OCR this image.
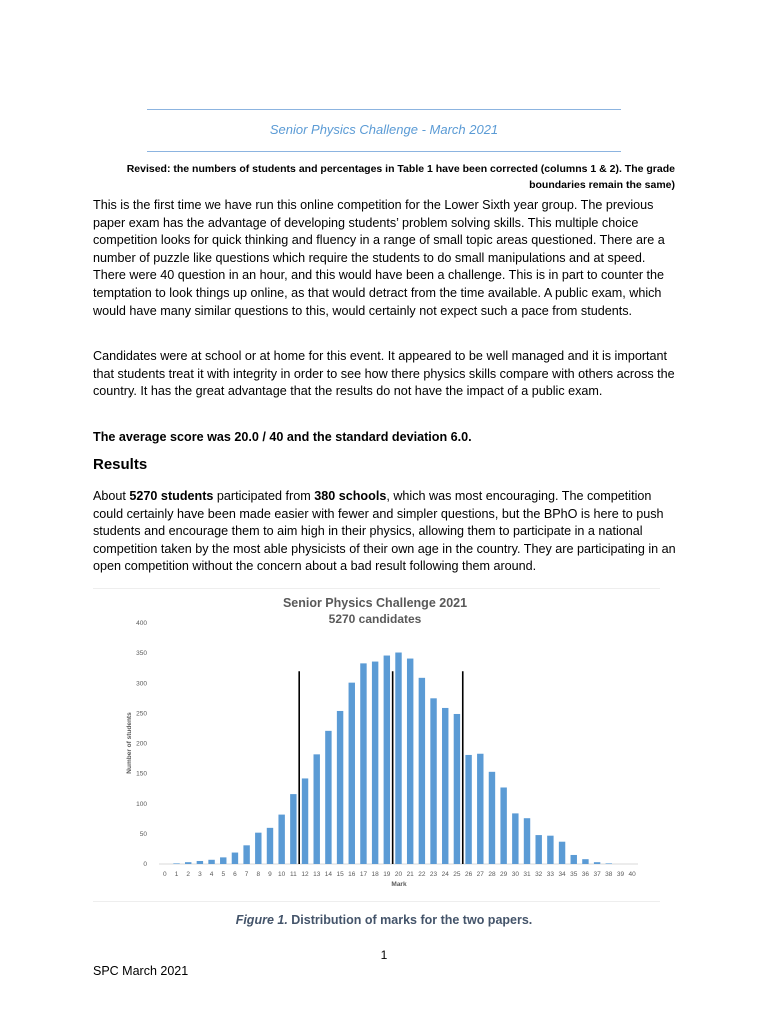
Senior Physics Challenge - March 2021
Revised: the numbers of students and percentages in Table 1 have been corrected (columns 1 & 2). The grade boundaries remain the same)

This is the first time we have run this online competition for the Lower Sixth year group. The previous paper exam has the advantage of developing students’ problem solving skills. This multiple choice competition looks for quick thinking and fluency in a range of small topic areas questioned. There are a number of puzzle like questions which require the students to do small manipulations and at speed. There were 40 question in an hour, and this would have been a challenge. This is in part to counter the temptation to look things up online, as that would detract from the time available. A public exam, which would have many similar questions to this, would certainly not expect such a pace from students.

Candidates were at school or at home for this event. It appeared to be well managed and it is important that students treat it with integrity in order to see how there physics skills compare with others across the country. It has the great advantage that the results do not have the impact of a public exam.

The average score was 20.0 / 40 and the standard deviation 6.0.

Results

About 5270 students participated from 380 schools, which was most encouraging. The competition could certainly have been made easier with fewer and simpler questions, but the BPhO is here to push students and encourage them to aim high in their physics, allowing them to participate in a national competition taken by the most able physicists of their own age in the country. They are participating in an open competition without the concern about a bad result following them around.

Senior Physics Challenge 2021
5270 candidates
Number of students
Mark
0
50
100
150
200
250
300
350
400
0 1 2 3 4 5 6 7 8 9 10 11 12 13 14 15 16 17 18 19 20 21 22 23 24 25 26 27 28 29 30 31 32 33 34 35 36 37 38 39 40
Figure 1. Distribution of marks for the two papers.
1
SPC March 2021
